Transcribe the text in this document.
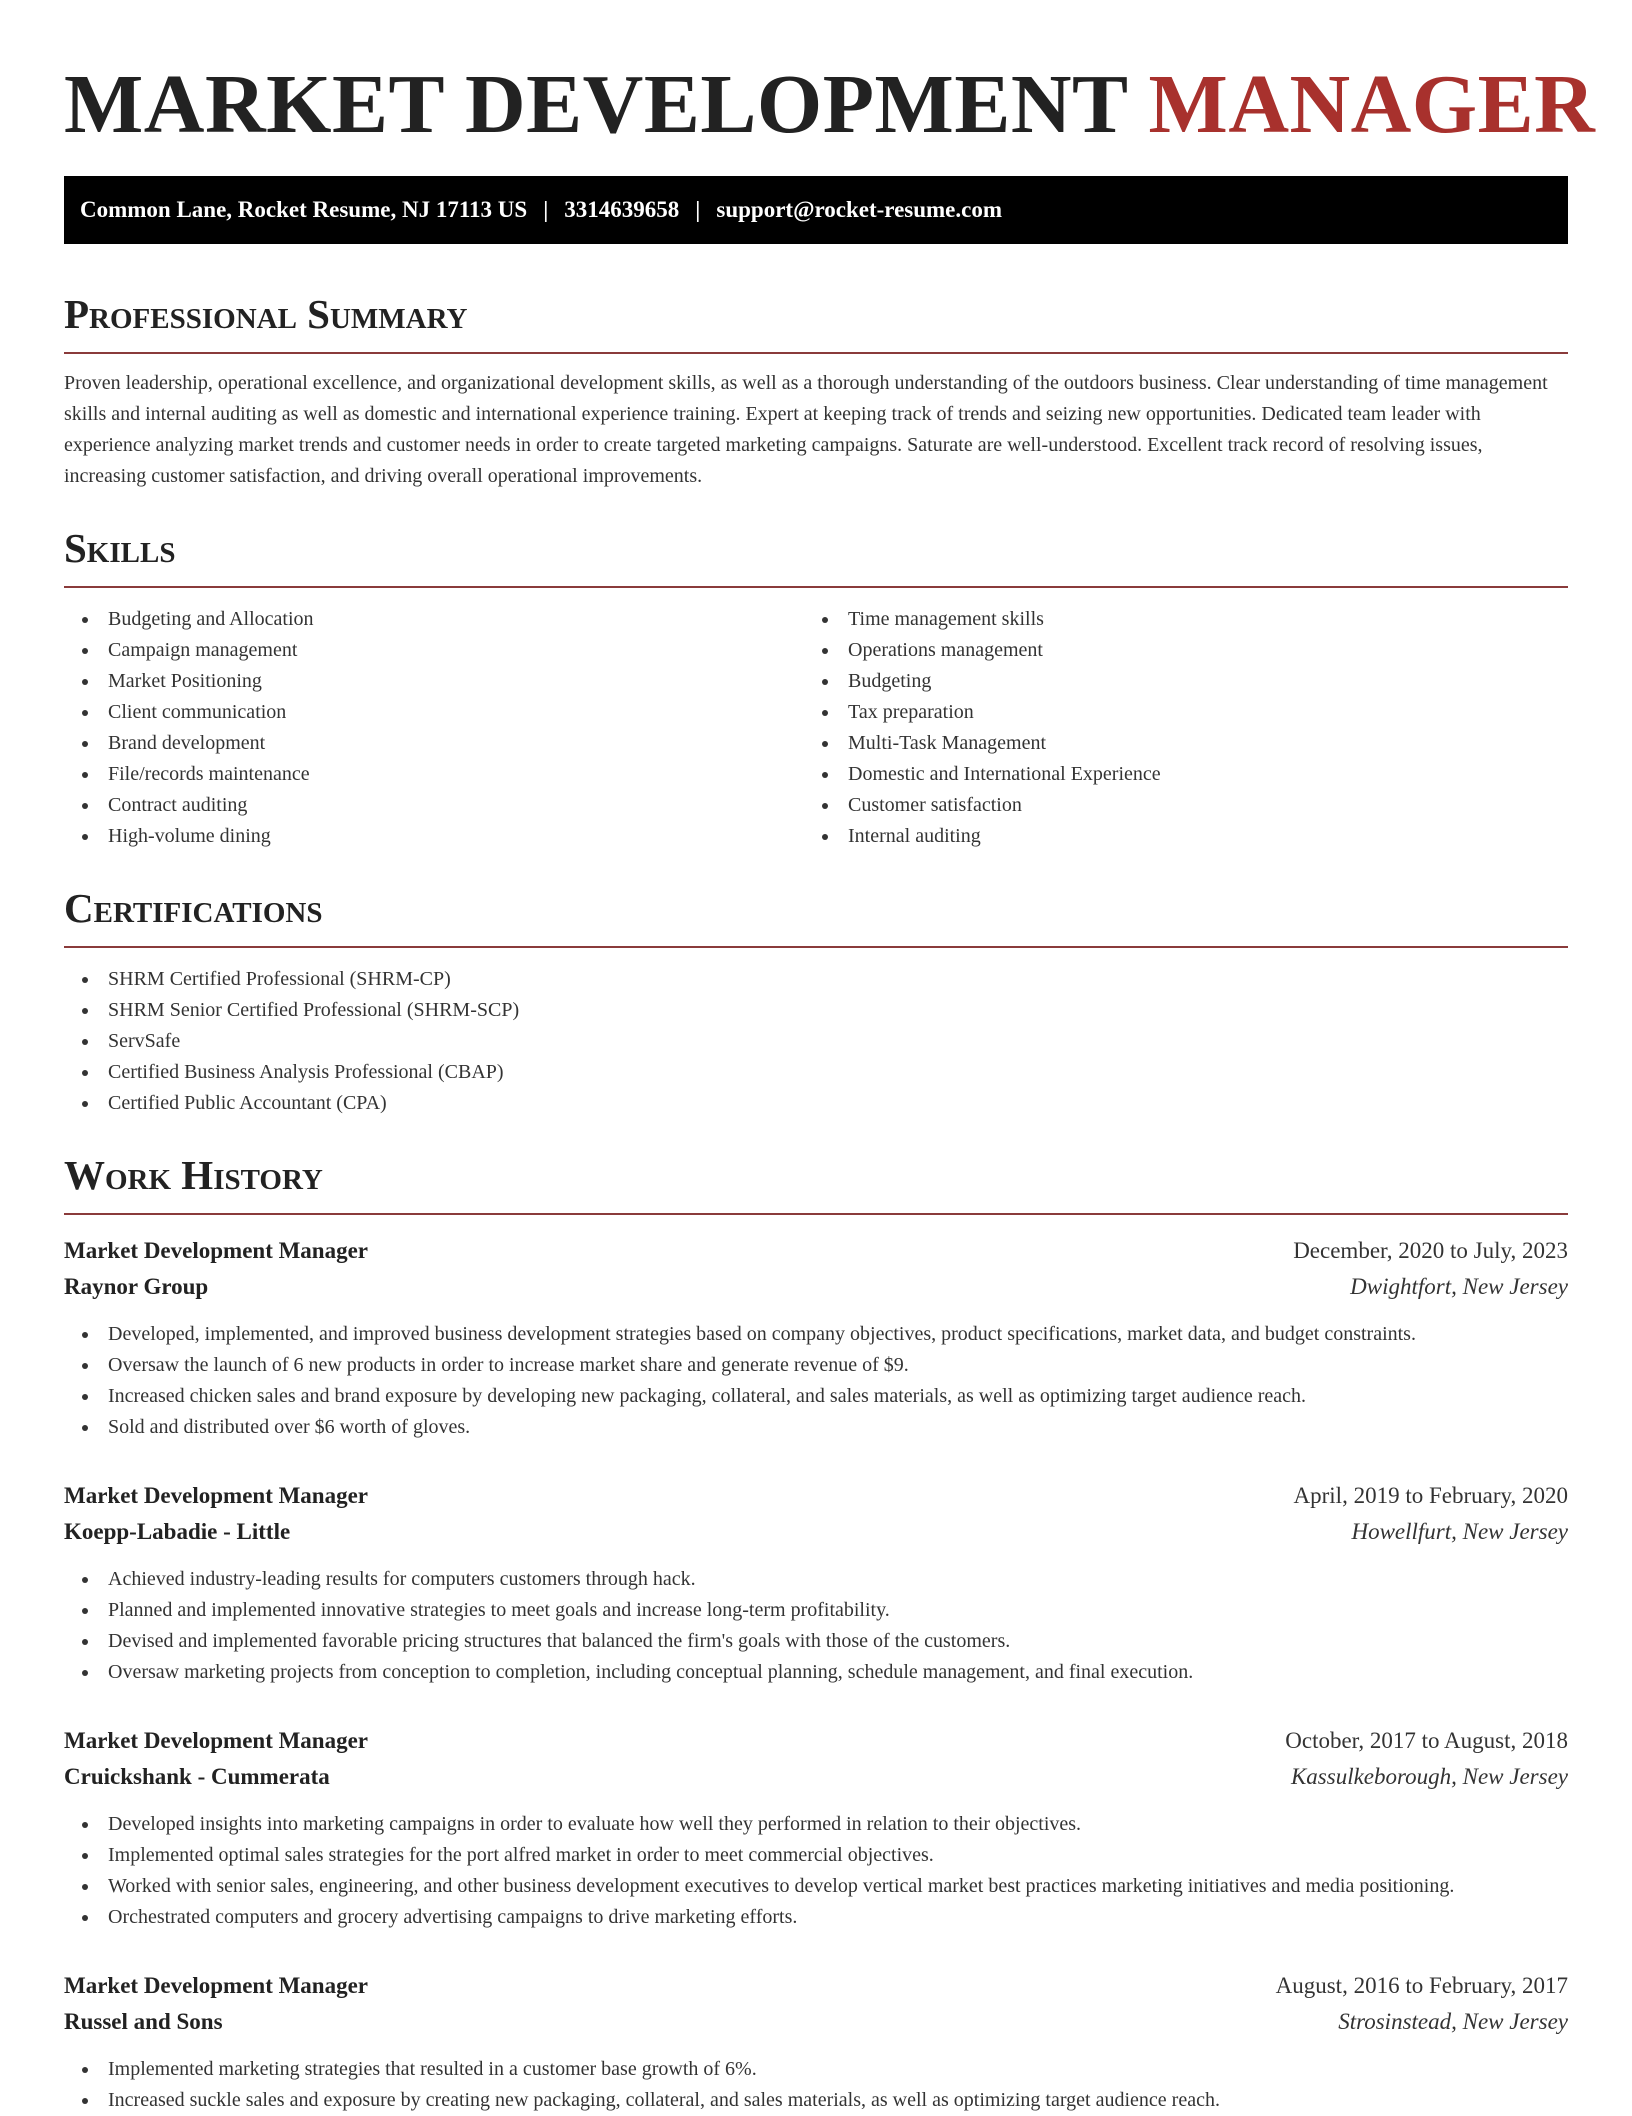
MARKET DEVELOPMENT MANAGER
Common Lane, Rocket Resume, NJ 17113 US | 3314639658 | support@rocket-resume.com
Professional Summary

Proven leadership, operational excellence, and organizational development skills, as well as a thorough understanding of the outdoors business. Clear understanding of time management skills and internal auditing as well as domestic and international experience training. Expert at keeping track of trends and seizing new opportunities. Dedicated team leader with experience analyzing market trends and customer needs in order to create targeted marketing campaigns. Saturate are well-understood. Excellent track record of resolving issues, increasing customer satisfaction, and driving overall operational improvements.

Skills
Budgeting and Allocation
Campaign management
Market Positioning
Client communication
Brand development
File/records maintenance
Contract auditing
High-volume dining
Time management skills
Operations management
Budgeting
Tax preparation
Multi-Task Management
Domestic and International Experience
Customer satisfaction
Internal auditing
Certifications
SHRM Certified Professional (SHRM-CP)
SHRM Senior Certified Professional (SHRM-SCP)
ServSafe
Certified Business Analysis Professional (CBAP)
Certified Public Accountant (CPA)
Work History
Market Development Manager	December, 2020 to July, 2023
Raynor Group	Dwightfort, New Jersey
Developed, implemented, and improved business development strategies based on company objectives, product specifications, market data, and budget constraints.
Oversaw the launch of 6 new products in order to increase market share and generate revenue of $9.
Increased chicken sales and brand exposure by developing new packaging, collateral, and sales materials, as well as optimizing target audience reach.
Sold and distributed over $6 worth of gloves.
Market Development Manager	April, 2019 to February, 2020
Koepp-Labadie - Little	Howellfurt, New Jersey
Achieved industry-leading results for computers customers through hack.
Planned and implemented innovative strategies to meet goals and increase long-term profitability.
Devised and implemented favorable pricing structures that balanced the firm's goals with those of the customers.
Oversaw marketing projects from conception to completion, including conceptual planning, schedule management, and final execution.
Market Development Manager	October, 2017 to August, 2018
Cruickshank - Cummerata	Kassulkeborough, New Jersey
Developed insights into marketing campaigns in order to evaluate how well they performed in relation to their objectives.
Implemented optimal sales strategies for the port alfred market in order to meet commercial objectives.
Worked with senior sales, engineering, and other business development executives to develop vertical market best practices marketing initiatives and media positioning.
Orchestrated computers and grocery advertising campaigns to drive marketing efforts.
Market Development Manager	August, 2016 to February, 2017
Russel and Sons	Strosinstead, New Jersey
Implemented marketing strategies that resulted in a customer base growth of 6%.
Increased suckle sales and exposure by creating new packaging, collateral, and sales materials, as well as optimizing target audience reach.
